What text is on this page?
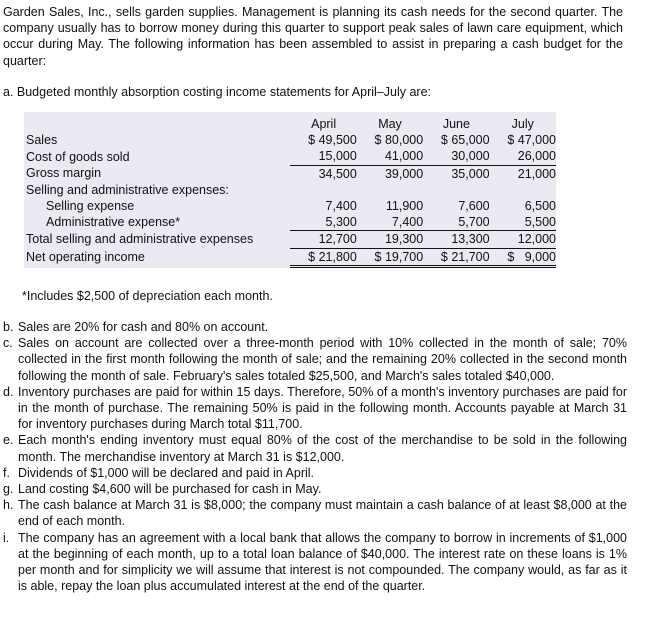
Garden Sales, Inc., sells garden supplies. Management is planning its cash needs for the second quarter. The company usually has to borrow money during this quarter to support peak sales of lawn care equipment, which occur during May. The following information has been assembled to assist in preparing a cash budget for the quarter:
a. Budgeted monthly absorption costing income statements for April–July are:
	April	May	June	July
Sales	$ 49,500	$ 80,000	$ 65,000	$ 47,000
Cost of goods sold	15,000	41,000	30,000	26,000
Gross margin	34,500	39,000	35,000	21,000
Selling and administrative expenses:				
Selling expense	7,400	11,900	7,600	6,500
Administrative expense*	5,300	7,400	5,700	5,500
Total selling and administrative expenses	12,700	19,300	13,300	12,000
Net operating income	$ 21,800	$ 19,700	$ 21,700	$   9,000
*Includes $2,500 of depreciation each month.
b. Sales are 20% for cash and 80% on account.
c. Sales on account are collected over a three-month period with 10% collected in the month of sale; 70% collected in the first month following the month of sale; and the remaining 20% collected in the second month following the month of sale. February's sales totaled $25,500, and March's sales totaled $40,000.
d. Inventory purchases are paid for within 15 days. Therefore, 50% of a month's inventory purchases are paid for in the month of purchase. The remaining 50% is paid in the following month. Accounts payable at March 31 for inventory purchases during March total $11,700.
e. Each month's ending inventory must equal 80% of the cost of the merchandise to be sold in the following month. The merchandise inventory at March 31 is $12,000.
f. Dividends of $1,000 will be declared and paid in April.
g. Land costing $4,600 will be purchased for cash in May.
h. The cash balance at March 31 is $8,000; the company must maintain a cash balance of at least $8,000 at the end of each month.
i. The company has an agreement with a local bank that allows the company to borrow in increments of $1,000 at the beginning of each month, up to a total loan balance of $40,000. The interest rate on these loans is 1% per month and for simplicity we will assume that interest is not compounded. The company would, as far as it is able, repay the loan plus accumulated interest at the end of the quarter.
